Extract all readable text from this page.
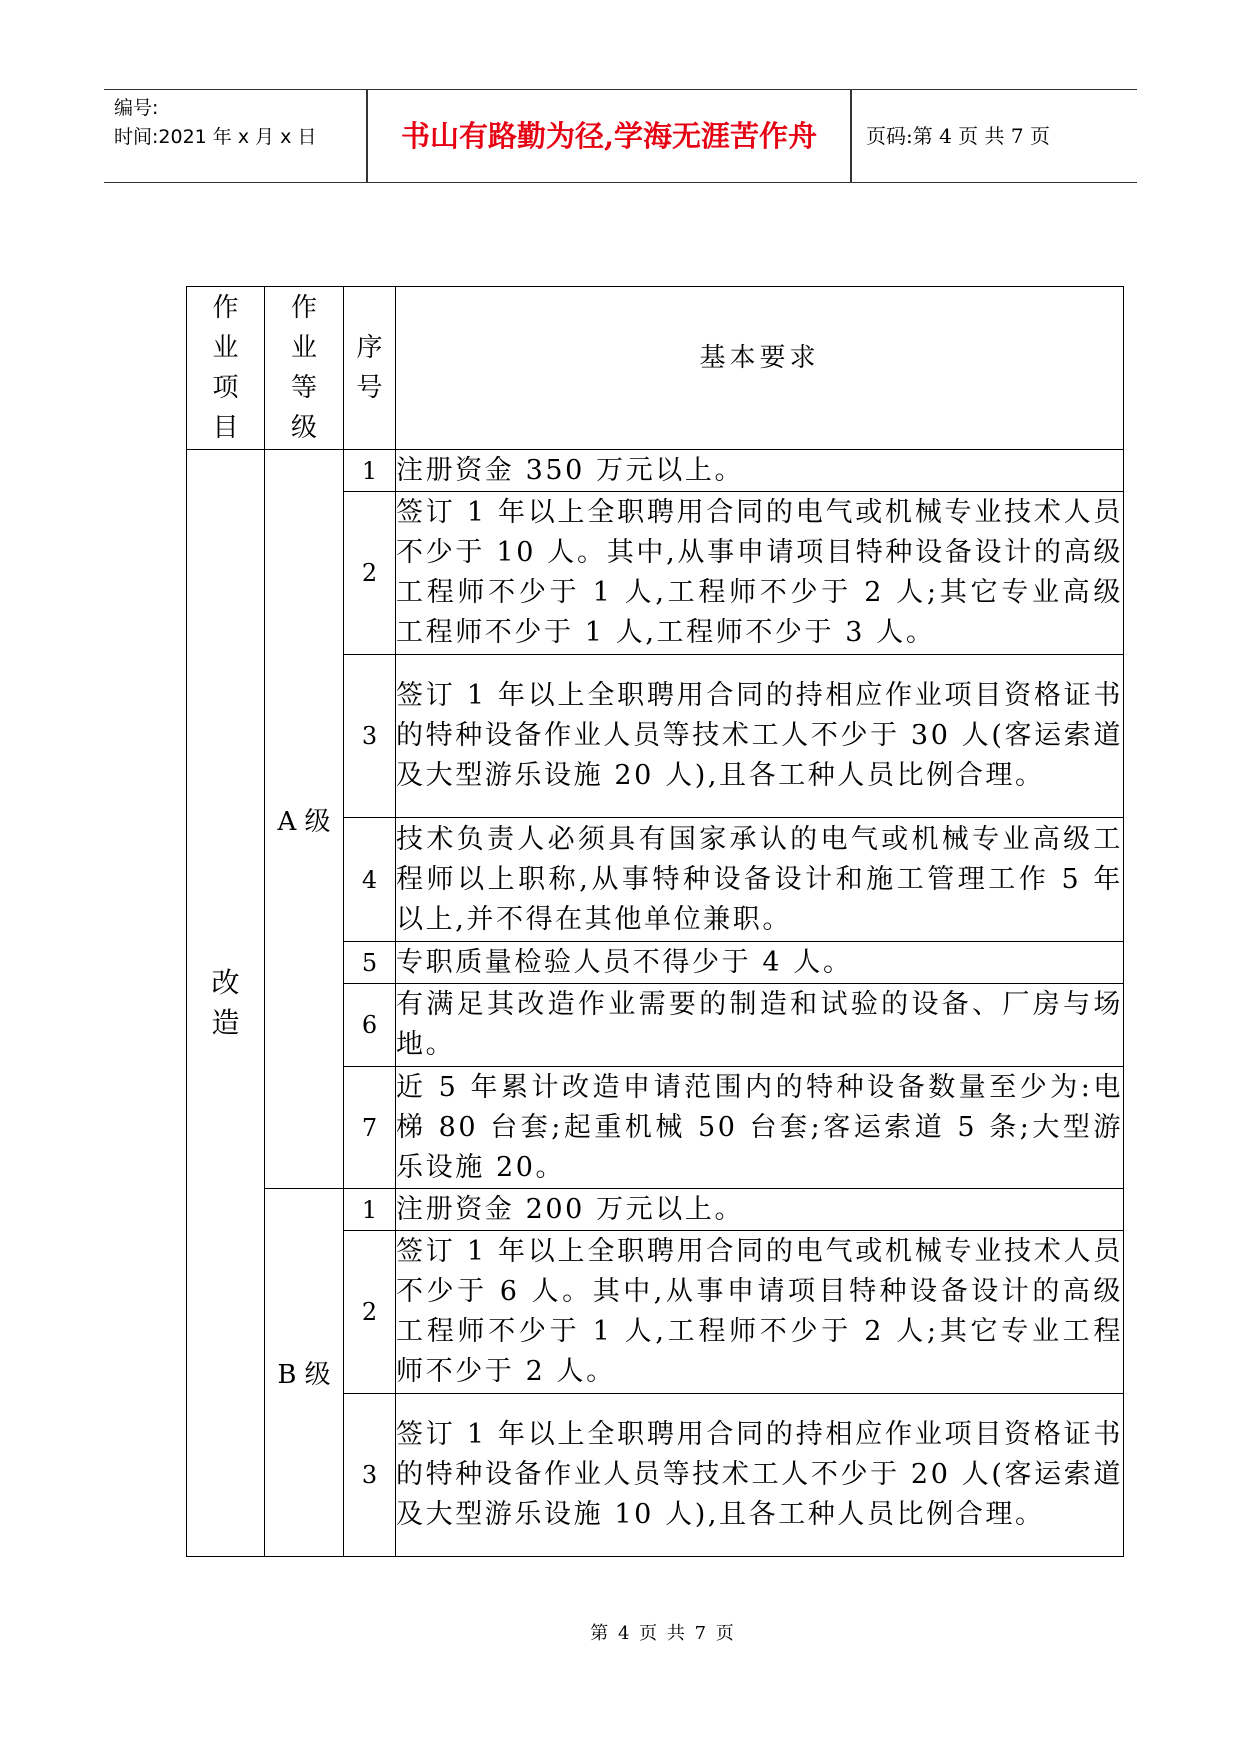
编号:
时间:2021 年 x 月 x 日	书山有路勤为径,学海无涯苦作舟	页码:第 4 页 共 7 页
作
业
项
目	作
业
等
级	序
号	基本要求

改
造	A 级	1	注册资金 350 万元以上。
		2	签订 1 年以上全职聘用合同的电气或机械专业技术人员不少于 10 人。其中,从事申请项目特种设备设计的高级工程师不少于 1 人,工程师不少于 2 人;其它专业高级工程师不少于 1 人,工程师不少于 3 人。
		3	签订 1 年以上全职聘用合同的持相应作业项目资格证书的特种设备作业人员等技术工人不少于 30 人(客运索道及大型游乐设施 20 人),且各工种人员比例合理。
		4	技术负责人必须具有国家承认的电气或机械专业高级工程师以上职称,从事特种设备设计和施工管理工作 5 年以上,并不得在其他单位兼职。
		5	专职质量检验人员不得少于 4 人。
		6	有满足其改造作业需要的制造和试验的设备、厂房与场地。
		7	近 5 年累计改造申请范围内的特种设备数量至少为:电梯 80 台套;起重机械 50 台套;客运索道 5 条;大型游乐设施 20。
	B 级	1	注册资金 200 万元以上。
		2	签订 1 年以上全职聘用合同的电气或机械专业技术人员不少于 6 人。其中,从事申请项目特种设备设计的高级工程师不少于 1 人,工程师不少于 2 人;其它专业工程师不少于 2 人。
		3	签订 1 年以上全职聘用合同的持相应作业项目资格证书的特种设备作业人员等技术工人不少于 20 人(客运索道及大型游乐设施 10 人),且各工种人员比例合理。
第 4 页 共 7 页
